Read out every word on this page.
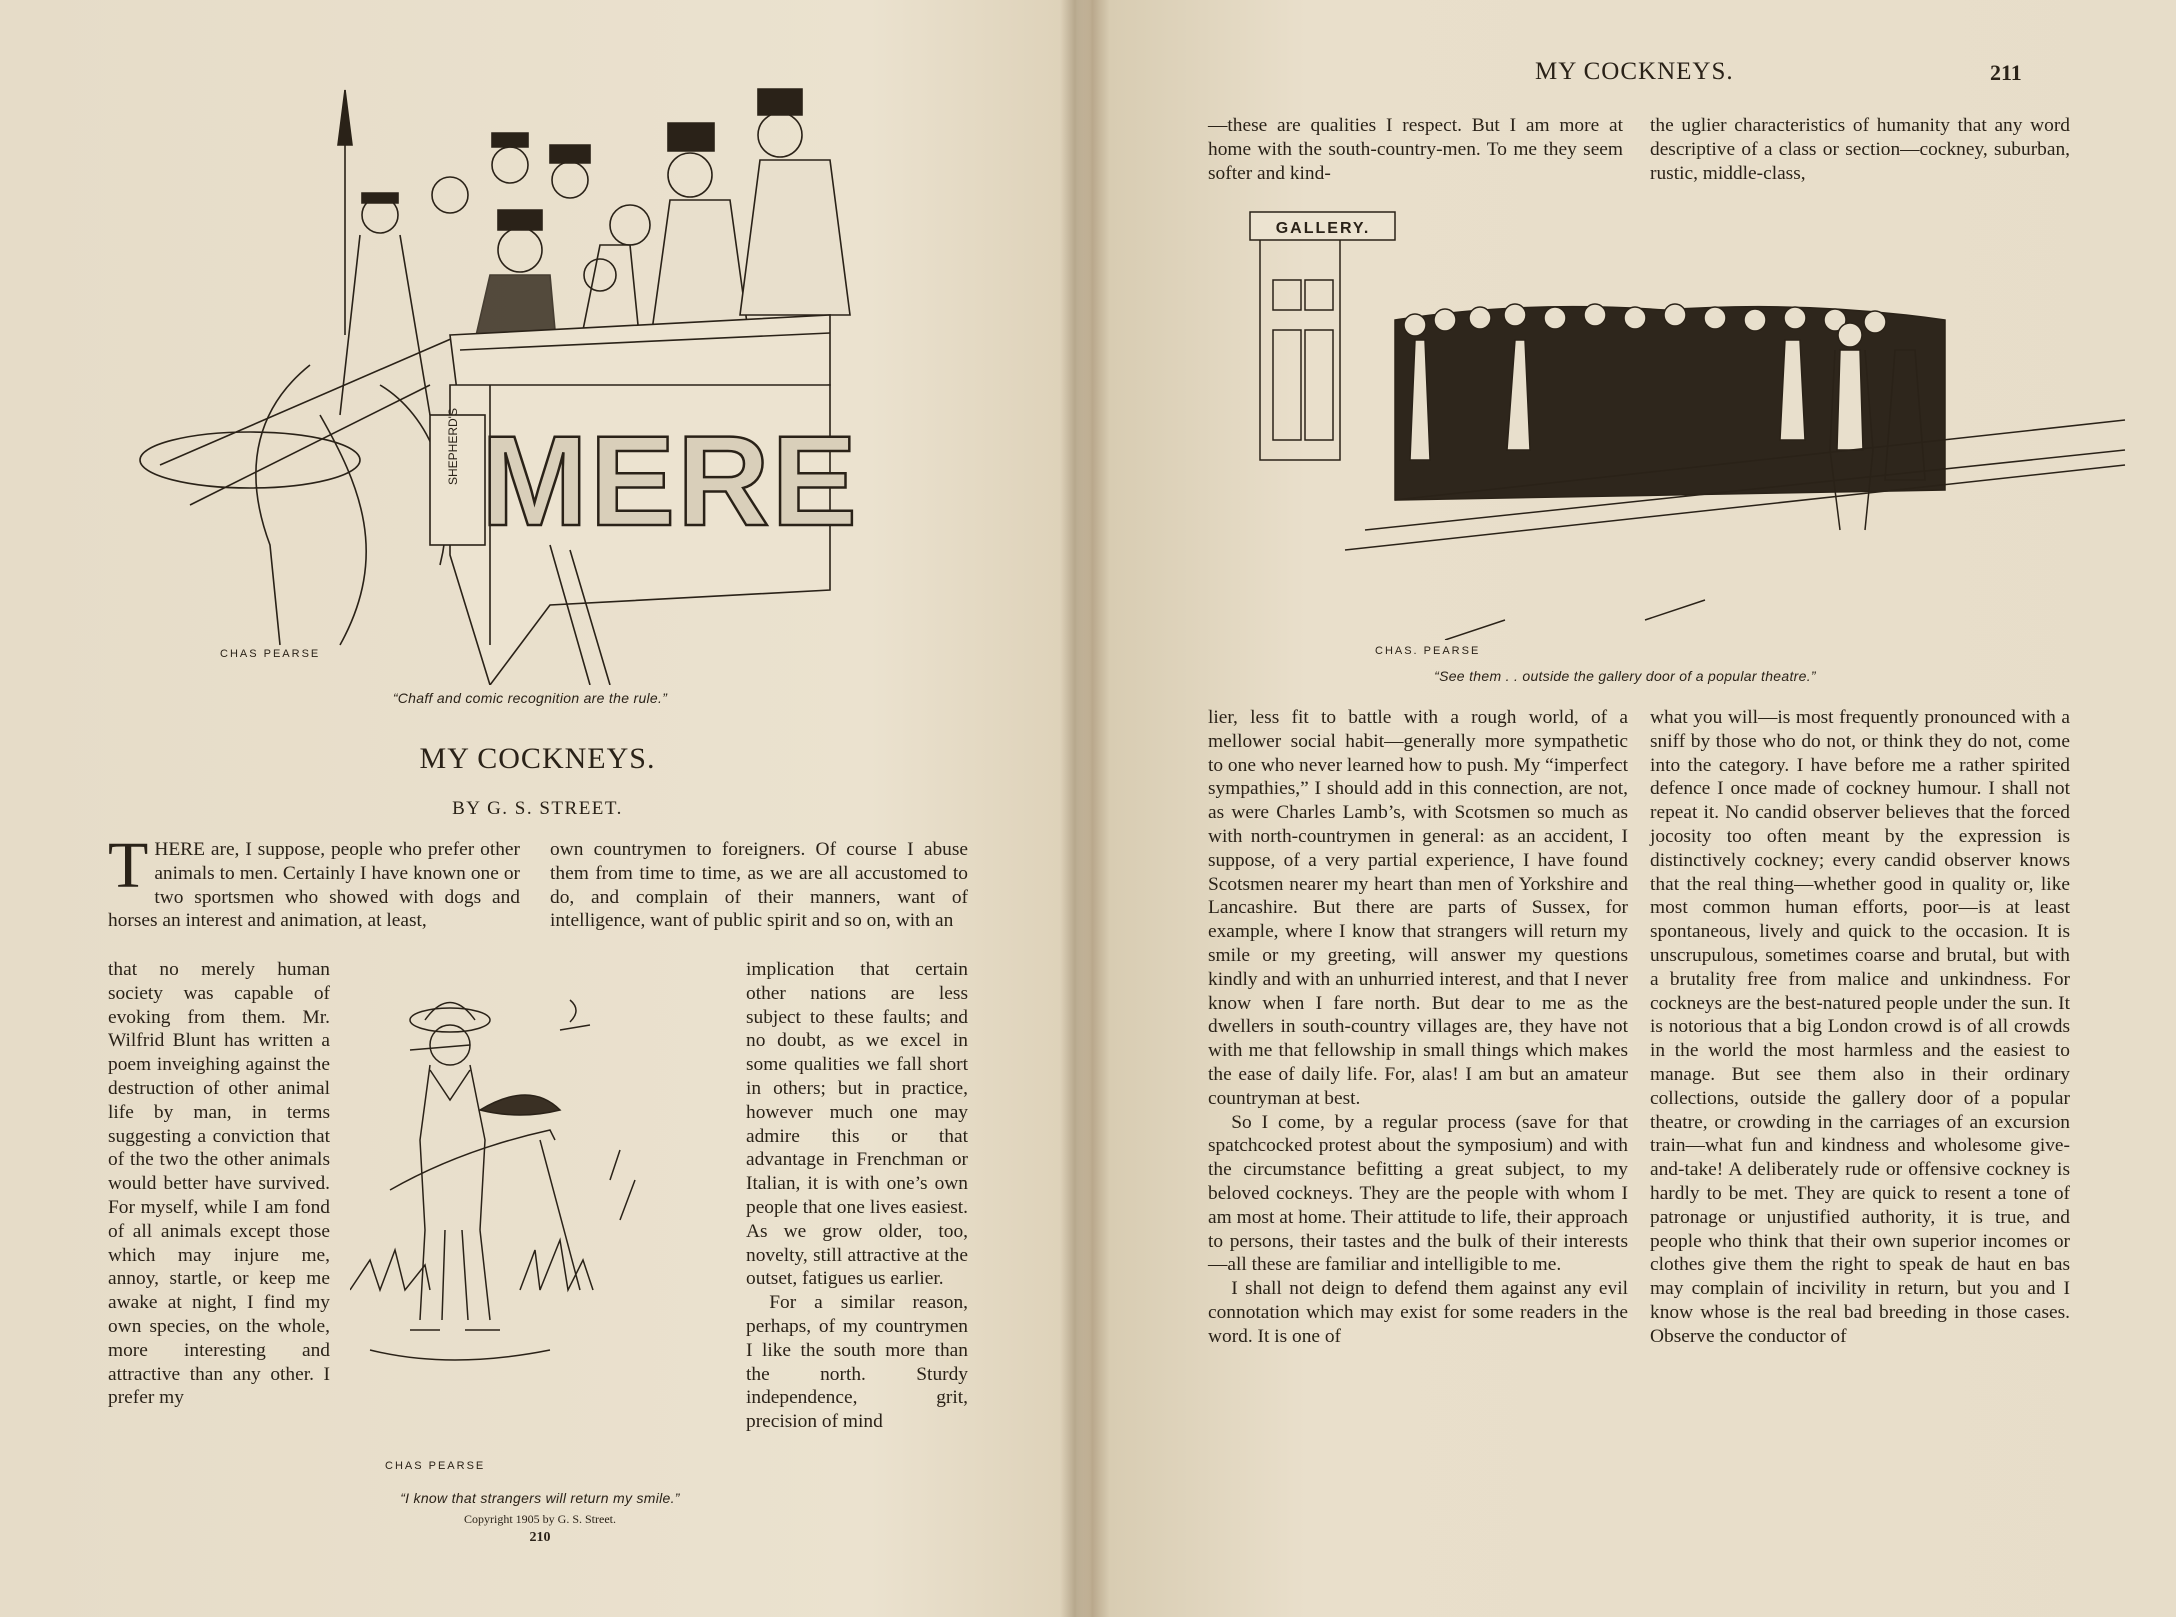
MERE
SHEPHERD'S
CHAS PEARSE
“Chaff and comic recognition are the rule.”
MY COCKNEYS.
BY G. S. STREET.

THERE are, I suppose, people who prefer other animals to men. Certainly I have known one or two sportsmen who showed with dogs and horses an interest and animation, at least,

own countrymen to foreigners. Of course I abuse them from time to time, as we are all accustomed to do, and complain of their manners, want of intelligence, want of public spirit and so on, with an

that no merely human society was capable of evoking from them. Mr. Wilfrid Blunt has written a poem inveighing against the destruction of other animal life by man, in terms suggesting a conviction that of the two the other animals would better have survived. For myself, while I am fond of all animals except those which may injure me, annoy, startle, or keep me awake at night, I find my own species, on the whole, more interesting and attractive than any other. I prefer my

implication that certain other nations are less subject to these faults; and no doubt, as we excel in some qualities we fall short in others; but in practice, however much one may admire this or that advantage in Frenchman or Italian, it is with one’s own people that one lives easiest. As we grow older, too, novelty, still attractive at the outset, fatigues us earlier.

For a similar reason, perhaps, of my countrymen I like the south more than the north. Sturdy independence, grit, precision of mind

CHAS PEARSE
“I know that strangers will return my smile.”
Copyright 1905 by G. S. Street.
210
MY COCKNEYS.	211

—these are qualities I respect. But I am more at home with the south-country-men. To me they seem softer and kind-

the uglier characteristics of humanity that any word descriptive of a class or section—cockney, suburban, rustic, middle-class,

GALLERY.
CHAS. PEARSE
“See them . . outside the gallery door of a popular theatre.”

lier, less fit to battle with a rough world, of a mellower social habit—generally more sympathetic to one who never learned how to push. My “imperfect sympathies,” I should add in this connection, are not, as were Charles Lamb’s, with Scotsmen so much as with north-countrymen in general: as an accident, I suppose, of a very partial experience, I have found Scotsmen nearer my heart than men of Yorkshire and Lancashire. But there are parts of Sussex, for example, where I know that strangers will return my smile or my greeting, will answer my questions kindly and with an unhurried interest, and that I never know when I fare north. But dear to me as the dwellers in south-country villages are, they have not with me that fellowship in small things which makes the ease of daily life. For, alas! I am but an amateur countryman at best.

So I come, by a regular process (save for that spatchcocked protest about the symposium) and with the circumstance befitting a great subject, to my beloved cockneys. They are the people with whom I am most at home. Their attitude to life, their approach to persons, their tastes and the bulk of their interests—all these are familiar and intelligible to me.

I shall not deign to defend them against any evil connotation which may exist for some readers in the word. It is one of

what you will—is most frequently pronounced with a sniff by those who do not, or think they do not, come into the category. I have before me a rather spirited defence I once made of cockney humour. I shall not repeat it. No candid observer believes that the forced jocosity too often meant by the expression is distinctively cockney; every candid observer knows that the real thing—whether good in quality or, like most common human efforts, poor—is at least spontaneous, lively and quick to the occasion. It is unscrupulous, sometimes coarse and brutal, but with a brutality free from malice and unkindness. For cockneys are the best-natured people under the sun. It is notorious that a big London crowd is of all crowds in the world the most harmless and the easiest to manage. But see them also in their ordinary collections, outside the gallery door of a popular theatre, or crowding in the carriages of an excursion train—what fun and kindness and wholesome give-and-take! A deliberately rude or offensive cockney is hardly to be met. They are quick to resent a tone of patronage or unjustified authority, it is true, and people who think that their own superior incomes or clothes give them the right to speak de haut en bas may complain of incivility in return, but you and I know whose is the real bad breeding in those cases. Observe the conductor of
